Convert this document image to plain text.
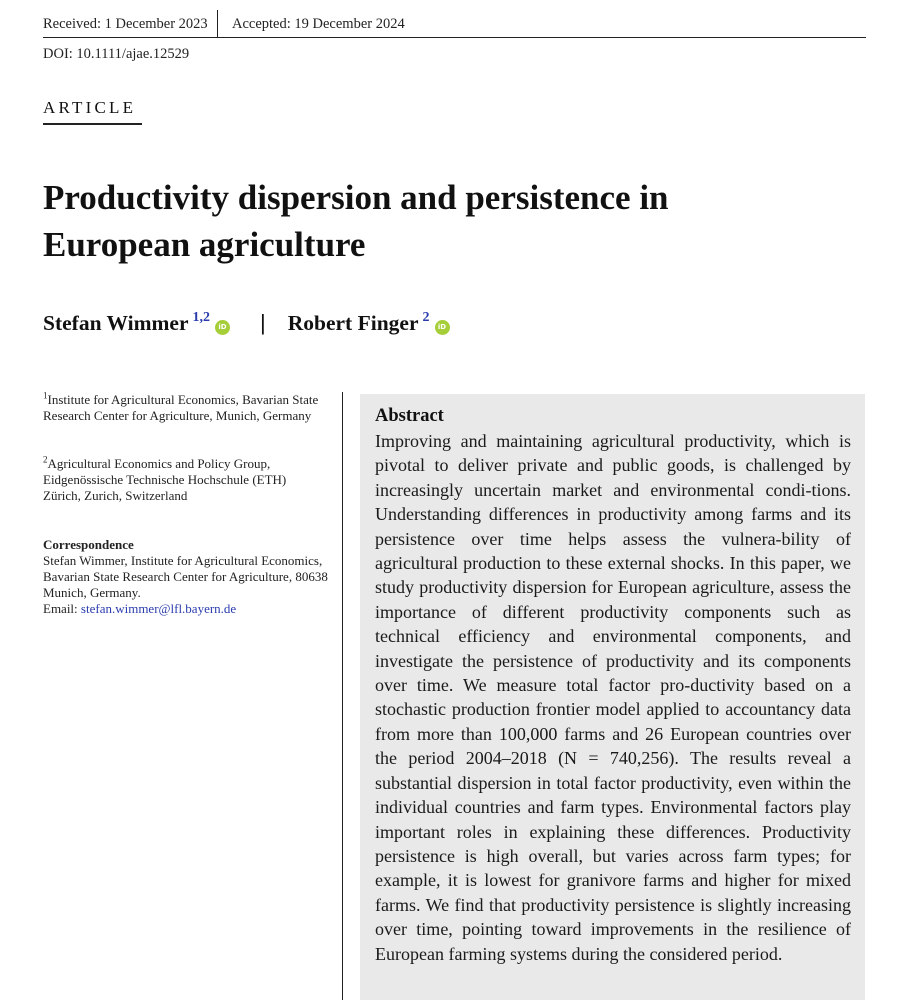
Received: 1 December 2023 Accepted: 19 December 2024
DOI: 10.1111/ajae.12529
ARTICLE
Productivity dispersion and persistence in European agriculture
Stefan Wimmer 1,2
iD | Robert Finger 2
iD
$^1$Institute for Agricultural Economics, Bavarian State Research Center for Agriculture, Munich, Germany
$^2$Agricultural Economics and Policy Group, Eidgenössische Technische Hochschule (ETH) Zürich, Zurich, Switzerland
Correspondence
Stefan Wimmer, Institute for Agricultural Economics, Bavarian State Research Center for Agriculture, 80638 Munich, Germany.
Email: stefan.wimmer@lfl.bayern.de
Abstract

Improving and maintaining agricultural productivity, which is pivotal to deliver private and public goods, is challenged by increasingly uncertain market and environmental condi-tions. Understanding differences in productivity among farms and its persistence over time helps assess the vulnera-bility of agricultural production to these external shocks. In this paper, we study productivity dispersion for European agriculture, assess the importance of different productivity components such as technical efficiency and environmental components, and investigate the persistence of productivity and its components over time. We measure total factor pro-ductivity based on a stochastic production frontier model applied to accountancy data from more than 100,000 farms and 26 European countries over the period 2004–2018 (N = 740,256). The results reveal a substantial dispersion in total factor productivity, even within the individual countries and farm types. Environmental factors play important roles in explaining these differences. Productivity persistence is high overall, but varies across farm types; for example, it is lowest for granivore farms and higher for mixed farms. We find that productivity persistence is slightly increasing over time, pointing toward improvements in the resilience of European farming systems during the considered period.
